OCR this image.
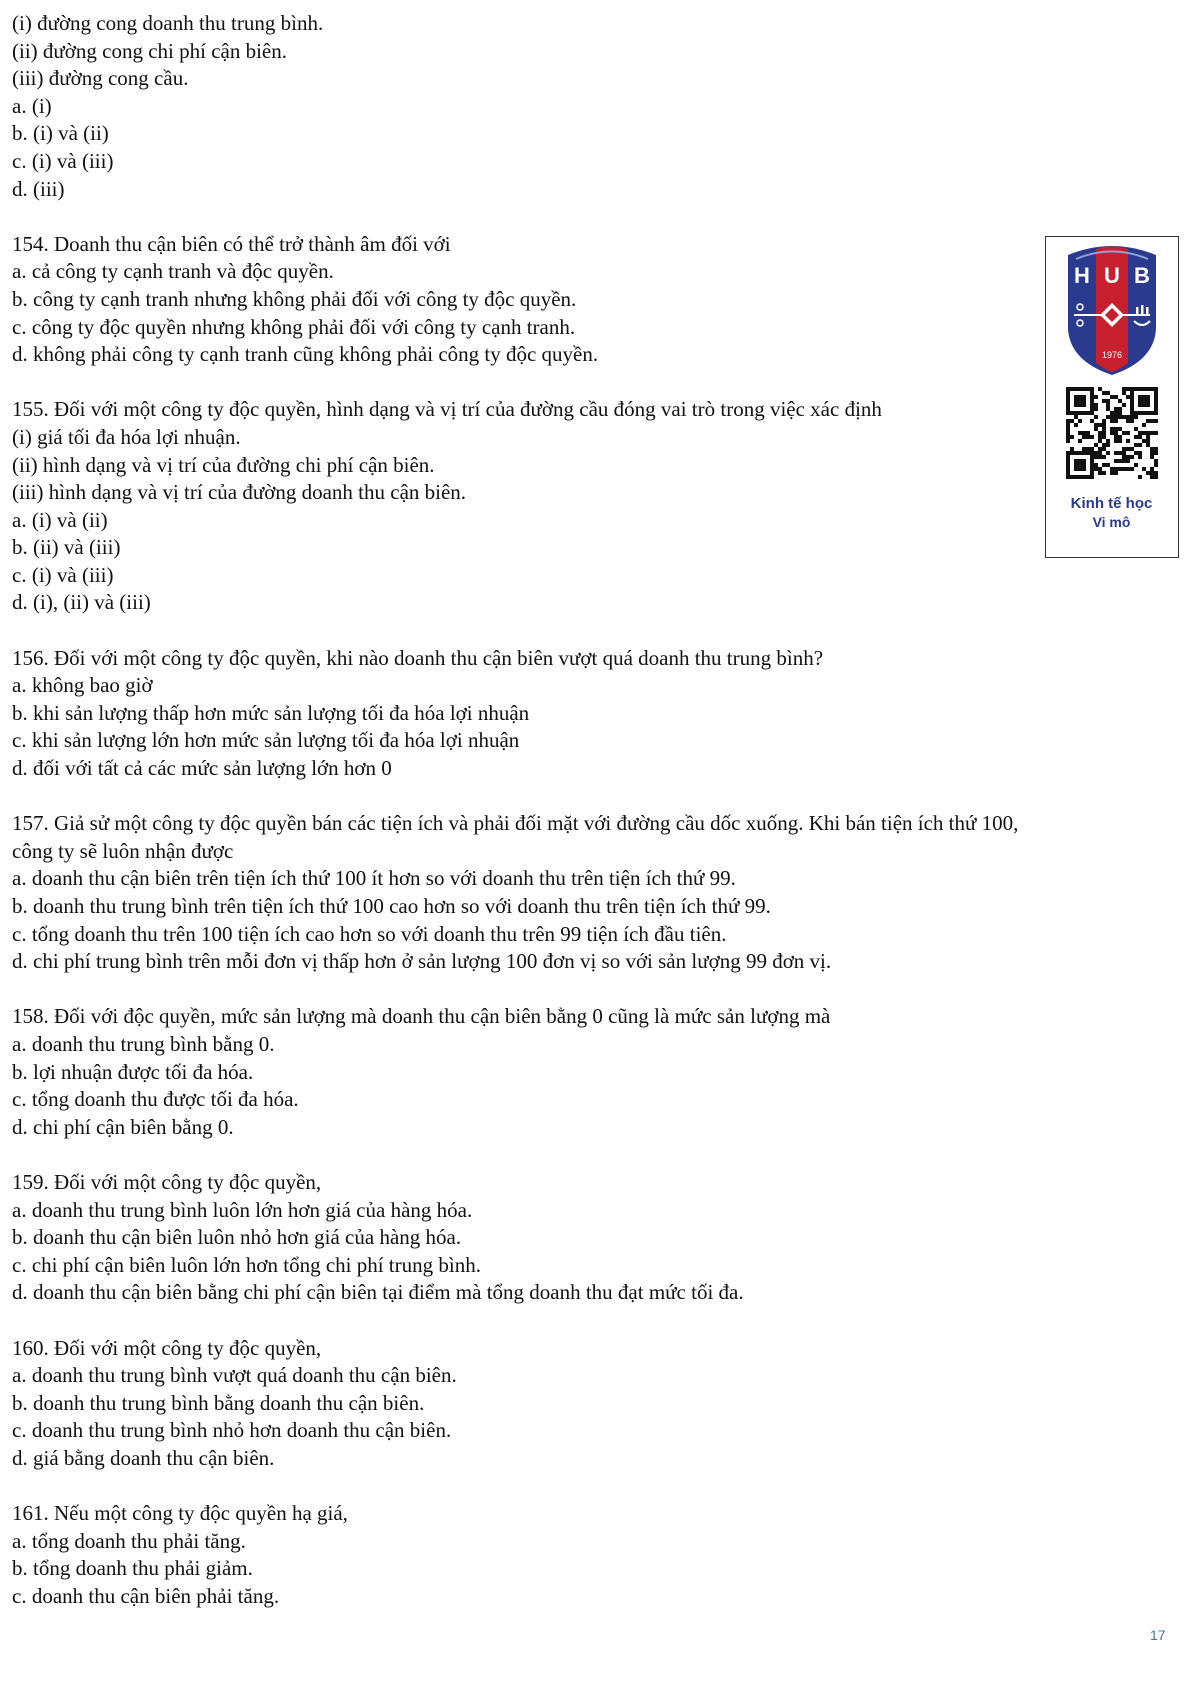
(i) đường cong doanh thu trung bình.
(ii) đường cong chi phí cận biên.
(iii) đường cong cầu.
a. (i)
b. (i) và (ii)
c. (i) và (iii)
d. (iii)
154. Doanh thu cận biên có thể trở thành âm đối với
a. cả công ty cạnh tranh và độc quyền.
b. công ty cạnh tranh nhưng không phải đối với công ty độc quyền.
c. công ty độc quyền nhưng không phải đối với công ty cạnh tranh.
d. không phải công ty cạnh tranh cũng không phải công ty độc quyền.
155. Đối với một công ty độc quyền, hình dạng và vị trí của đường cầu đóng vai trò trong việc xác định
(i) giá tối đa hóa lợi nhuận.
(ii) hình dạng và vị trí của đường chi phí cận biên.
(iii) hình dạng và vị trí của đường doanh thu cận biên.
a. (i) và (ii)
b. (ii) và (iii)
c. (i) và (iii)
d. (i), (ii) và (iii)
156. Đối với một công ty độc quyền, khi nào doanh thu cận biên vượt quá doanh thu trung bình?
a. không bao giờ
b. khi sản lượng thấp hơn mức sản lượng tối đa hóa lợi nhuận
c. khi sản lượng lớn hơn mức sản lượng tối đa hóa lợi nhuận
d. đối với tất cả các mức sản lượng lớn hơn 0
157. Giả sử một công ty độc quyền bán các tiện ích và phải đối mặt với đường cầu dốc xuống. Khi bán tiện ích thứ 100,
công ty sẽ luôn nhận được
a. doanh thu cận biên trên tiện ích thứ 100 ít hơn so với doanh thu trên tiện ích thứ 99.
b. doanh thu trung bình trên tiện ích thứ 100 cao hơn so với doanh thu trên tiện ích thứ 99.
c. tổng doanh thu trên 100 tiện ích cao hơn so với doanh thu trên 99 tiện ích đầu tiên.
d. chi phí trung bình trên mỗi đơn vị thấp hơn ở sản lượng 100 đơn vị so với sản lượng 99 đơn vị.
158. Đối với độc quyền, mức sản lượng mà doanh thu cận biên bằng 0 cũng là mức sản lượng mà
a. doanh thu trung bình bằng 0.
b. lợi nhuận được tối đa hóa.
c. tổng doanh thu được tối đa hóa.
d. chi phí cận biên bằng 0.
159. Đối với một công ty độc quyền,
a. doanh thu trung bình luôn lớn hơn giá của hàng hóa.
b. doanh thu cận biên luôn nhỏ hơn giá của hàng hóa.
c. chi phí cận biên luôn lớn hơn tổng chi phí trung bình.
d. doanh thu cận biên bằng chi phí cận biên tại điểm mà tổng doanh thu đạt mức tối đa.
160. Đối với một công ty độc quyền,
a. doanh thu trung bình vượt quá doanh thu cận biên.
b. doanh thu trung bình bằng doanh thu cận biên.
c. doanh thu trung bình nhỏ hơn doanh thu cận biên.
d. giá bằng doanh thu cận biên.
161. Nếu một công ty độc quyền hạ giá,
a. tổng doanh thu phải tăng.
b. tổng doanh thu phải giảm.
c. doanh thu cận biên phải tăng.
H U B
1976
Kinh tế học
Vi mô
17
